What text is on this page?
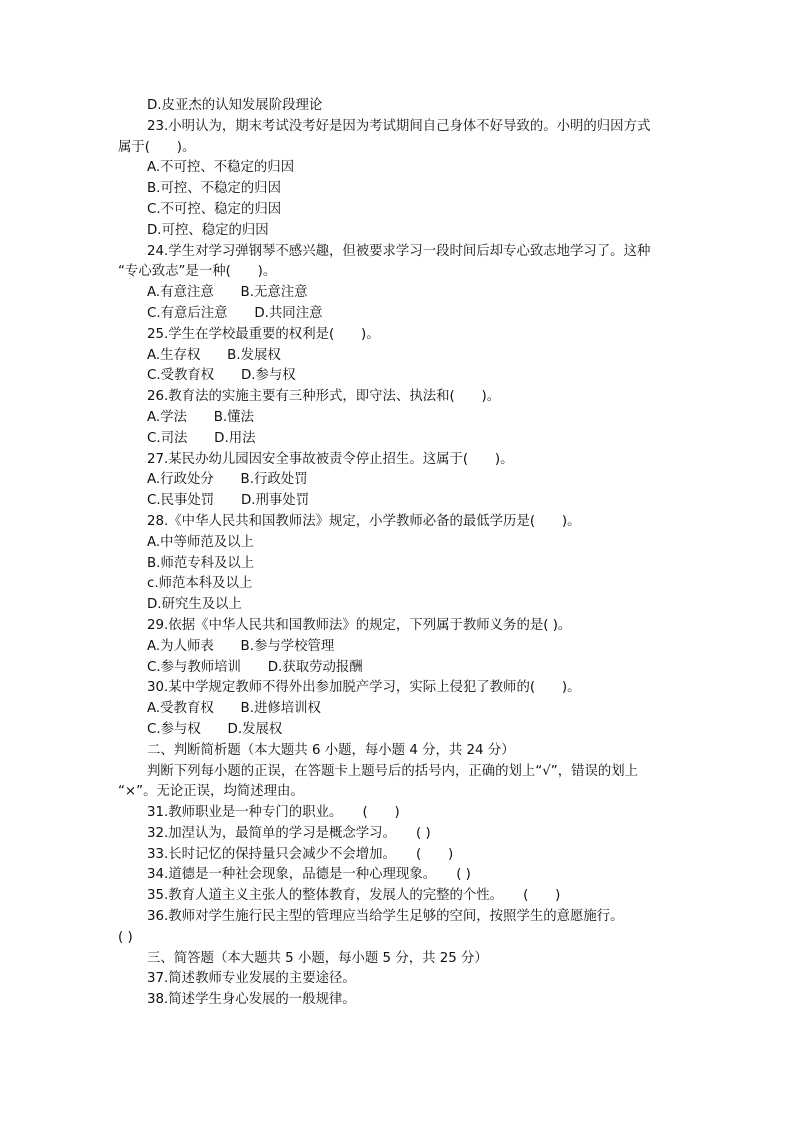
D.皮亚杰的认知发展阶段理论
23.小明认为，期末考试没考好是因为考试期间自己身体不好导致的。小明的归因方式
属于(　　)。
A.不可控、不稳定的归因
B.可控、不稳定的归因
C.不可控、稳定的归因
D.可控、稳定的归因
24.学生对学习弹钢琴不感兴趣，但被要求学习一段时间后却专心致志地学习了。这种
“专心致志”是一种(　　)。
A.有意注意　　B.无意注意
C.有意后注意　　D.共同注意
25.学生在学校最重要的权利是(　　)。
A.生存权　　B.发展权
C.受教育权　　D.参与权
26.教育法的实施主要有三种形式，即守法、执法和(　　)。
A.学法　　B.懂法
C.司法　　D.用法
27.某民办幼儿园因安全事故被责令停止招生。这属于(　　)。
A.行政处分　　B.行政处罚
C.民事处罚　　D.刑事处罚
28.《中华人民共和国教师法》规定，小学教师必备的最低学历是(　　)。
A.中等师范及以上
B.师范专科及以上
c.师范本科及以上
D.研究生及以上
29.依据《中华人民共和国教师法》的规定，下列属于教师义务的是( )。
A.为人师表　　B.参与学校管理
C.参与教师培训　　D.获取劳动报酬
30.某中学规定教师不得外出参加脱产学习，实际上侵犯了教师的(　　)。
A.受教育权　　B.进修培训权
C.参与权　　D.发展权
二、判断简析题（本大题共 6 小题，每小题 4 分，共 24 分）
判断下列每小题的正误，在答题卡上题号后的括号内，正确的划上“√”，错误的划上
“×”。无论正误，均简述理由。
31.教师职业是一种专门的职业。　　(　　)
32.加涅认为，最简单的学习是概念学习。　　( )
33.长时记忆的保持量只会减少不会增加。　　(　　)
34.道德是一种社会现象，品德是一种心理现象。　　( )
35.教育人道主义主张人的整体教育，发展人的完整的个性。　　(　　)
36.教师对学生施行民主型的管理应当给学生足够的空间，按照学生的意愿施行。
( )
三、简答题（本大题共 5 小题，每小题 5 分，共 25 分）
37.简述教师专业发展的主要途径。
38.简述学生身心发展的一般规律。
